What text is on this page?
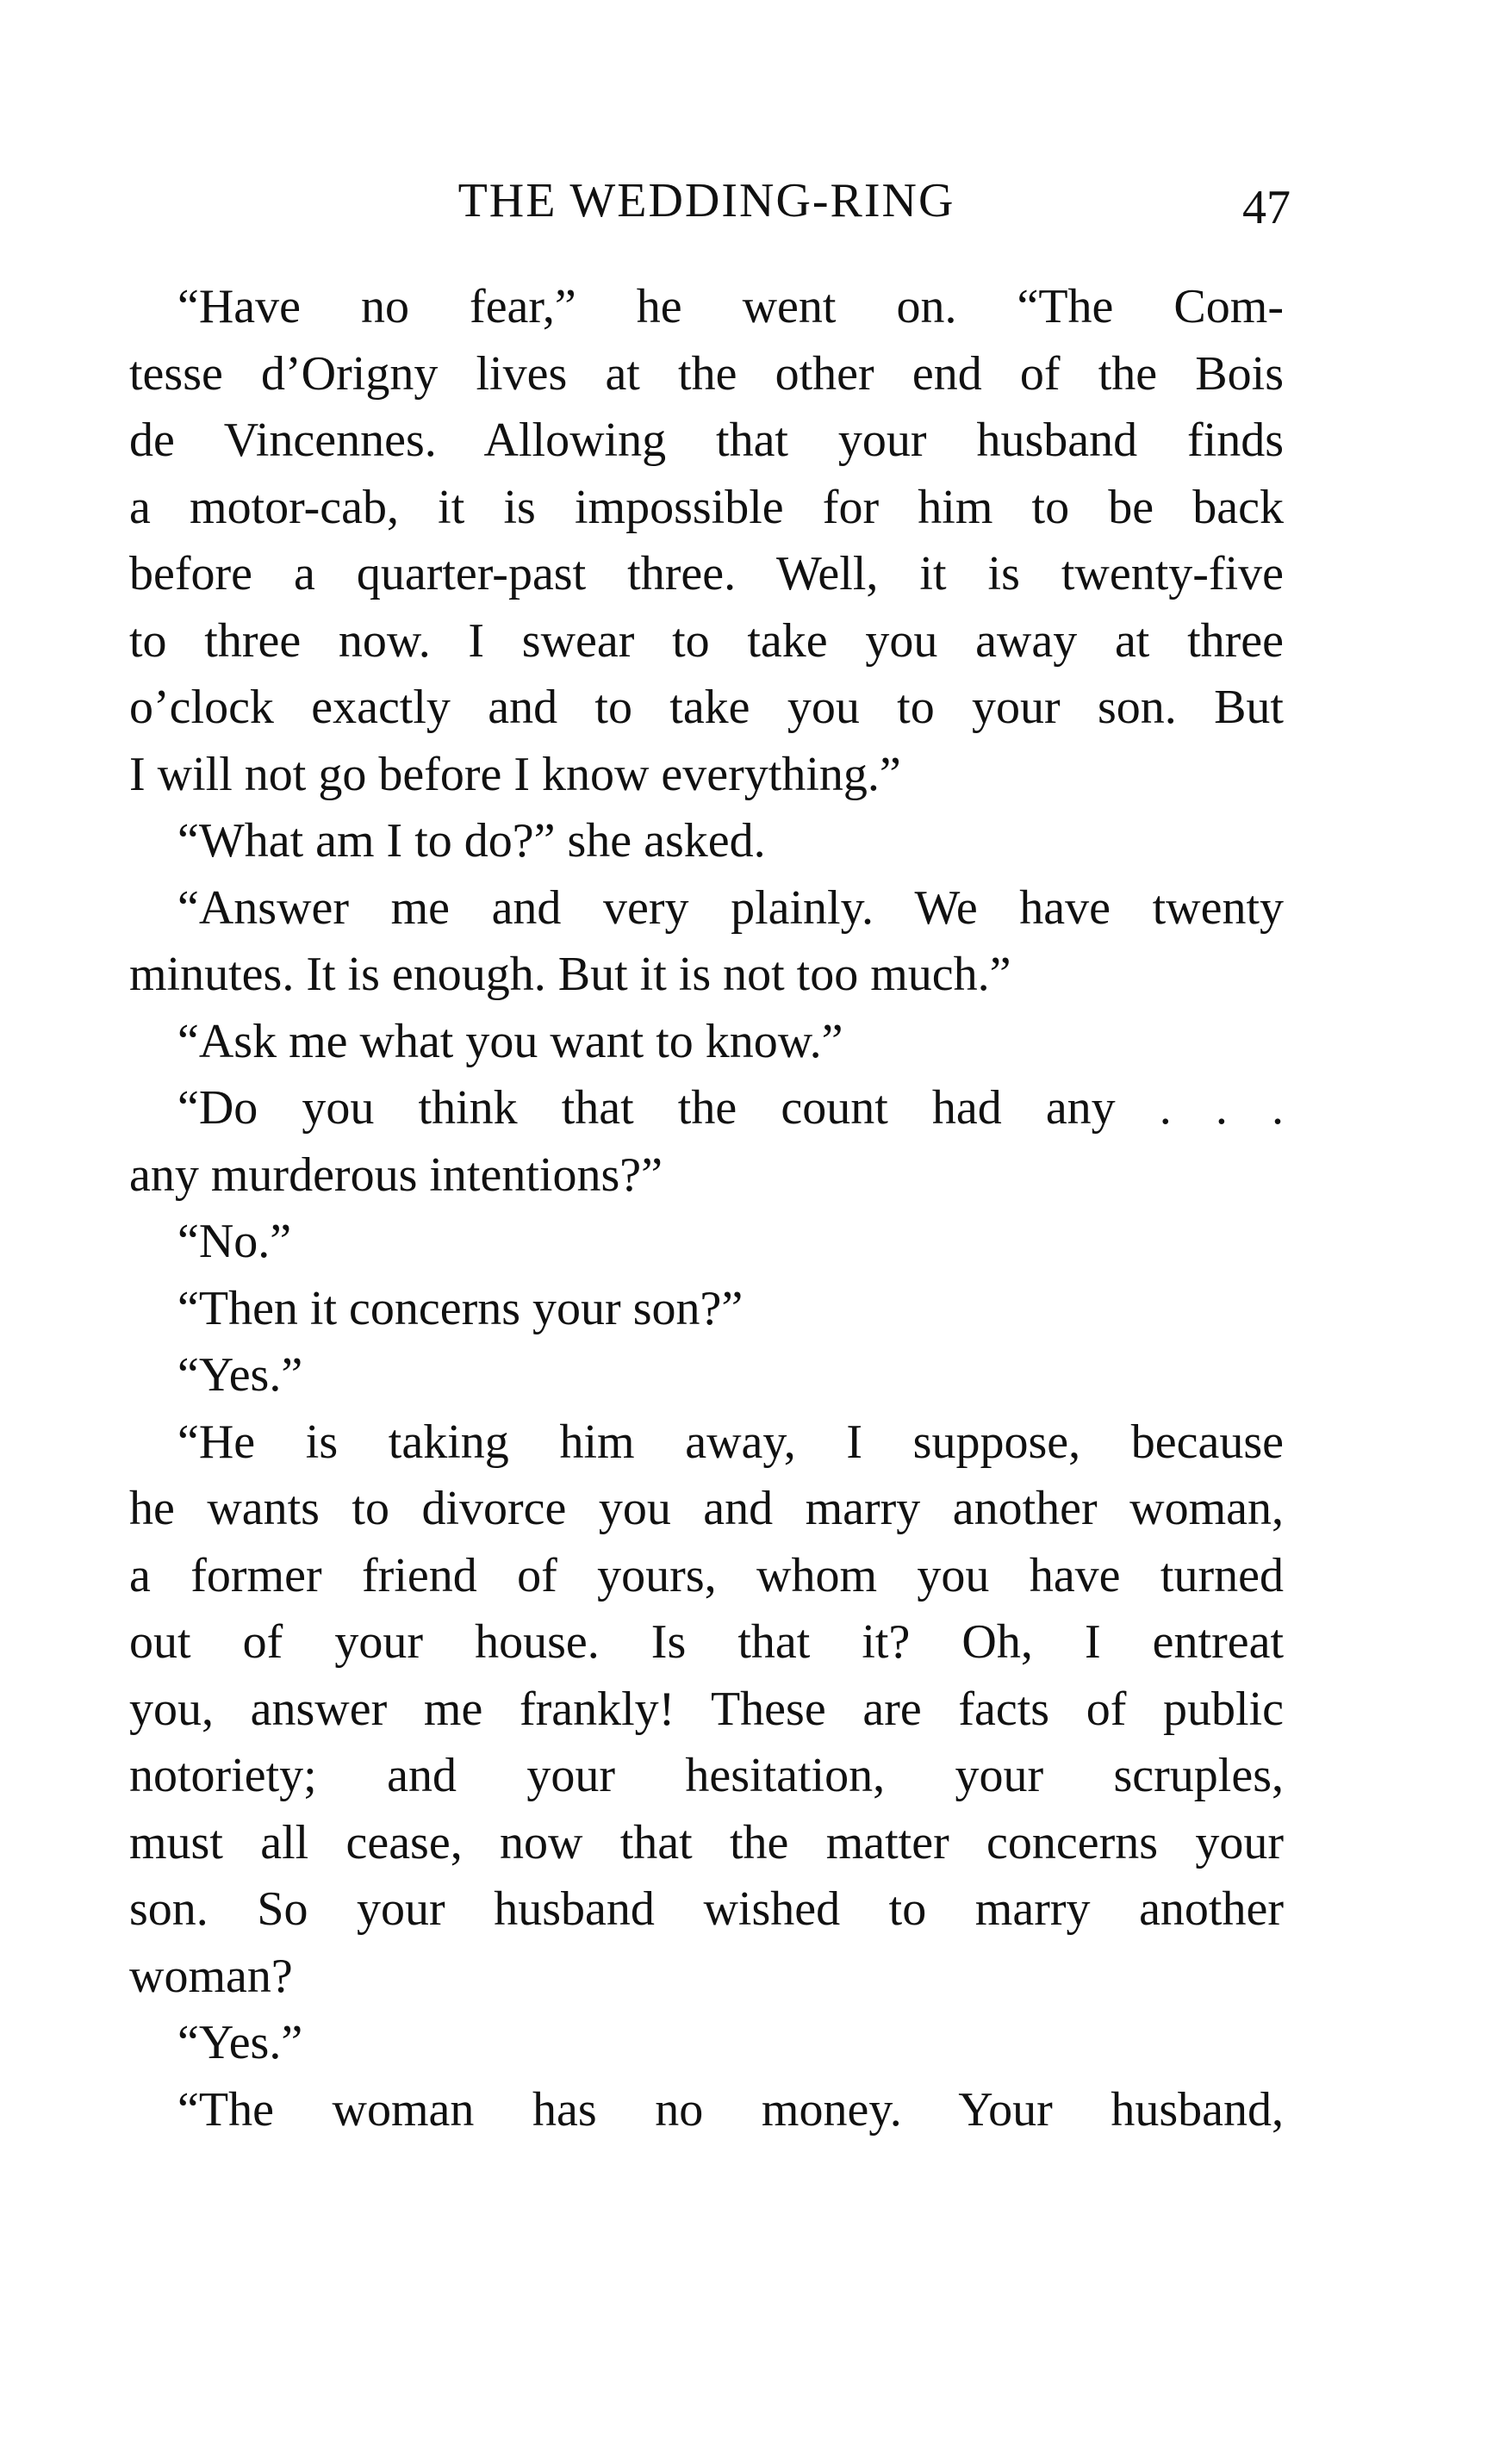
THE WEDDING-RING	47
“Have no fear,” he went on. “The Com-
tesse d’Origny lives at the other end of the Bois
de Vincennes. Allowing that your husband finds
a motor-cab, it is impossible for him to be back
before a quarter-past three. Well, it is twenty-five
to three now. I swear to take you away at three
o’clock exactly and to take you to your son. But
I will not go before I know everything.”
“What am I to do?” she asked.
“Answer me and very plainly. We have twenty
minutes. It is enough. But it is not too much.”
“Ask me what you want to know.”
“Do you think that the count had any . . .
any murderous intentions?”
“No.”
“Then it concerns your son?”
“Yes.”
“He is taking him away, I suppose, because
he wants to divorce you and marry another woman,
a former friend of yours, whom you have turned
out of your house. Is that it? Oh, I entreat
you, answer me frankly! These are facts of public
notoriety; and your hesitation, your scruples,
must all cease, now that the matter concerns your
son. So your husband wished to marry another
woman?
“Yes.”
“The woman has no money. Your husband,
